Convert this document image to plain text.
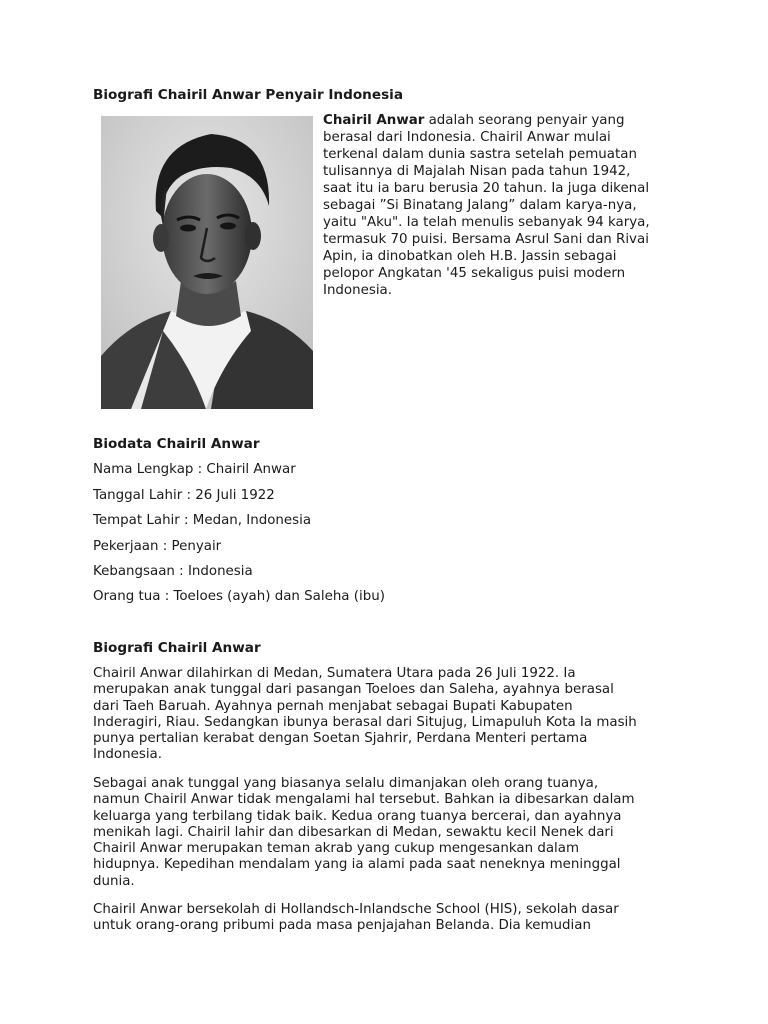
Biografi Chairil Anwar Penyair Indonesia

Chairil Anwar adalah seorang penyair yang
berasal dari Indonesia. Chairil Anwar mulai
terkenal dalam dunia sastra setelah pemuatan
tulisannya di Majalah Nisan pada tahun 1942,
saat itu ia baru berusia 20 tahun. Ia juga dikenal
sebagai ”Si Binatang Jalang” dalam karya-nya,
yaitu "Aku". Ia telah menulis sebanyak 94 karya,
termasuk 70 puisi. Bersama Asrul Sani dan Rivai
Apin, ia dinobatkan oleh H.B. Jassin sebagai
pelopor Angkatan '45 sekaligus puisi modern
Indonesia.

Biodata Chairil Anwar

Nama Lengkap : Chairil Anwar

Tanggal Lahir : 26 Juli 1922

Tempat Lahir : Medan, Indonesia

Pekerjaan : Penyair

Kebangsaan : Indonesia

Orang tua : Toeloes (ayah) dan Saleha (ibu)

Biografi Chairil Anwar

Chairil Anwar dilahirkan di Medan, Sumatera Utara pada 26 Juli 1922. Ia
merupakan anak tunggal dari pasangan Toeloes dan Saleha, ayahnya berasal
dari Taeh Baruah. Ayahnya pernah menjabat sebagai Bupati Kabupaten
Inderagiri, Riau. Sedangkan ibunya berasal dari Situjug, Limapuluh Kota Ia masih
punya pertalian kerabat dengan Soetan Sjahrir, Perdana Menteri pertama
Indonesia.

Sebagai anak tunggal yang biasanya selalu dimanjakan oleh orang tuanya,
namun Chairil Anwar tidak mengalami hal tersebut. Bahkan ia dibesarkan dalam
keluarga yang terbilang tidak baik. Kedua orang tuanya bercerai, dan ayahnya
menikah lagi. Chairil lahir dan dibesarkan di Medan, sewaktu kecil Nenek dari
Chairil Anwar merupakan teman akrab yang cukup mengesankan dalam
hidupnya. Kepedihan mendalam yang ia alami pada saat neneknya meninggal
dunia.

Chairil Anwar bersekolah di Hollandsch-Inlandsche School (HIS), sekolah dasar
untuk orang-orang pribumi pada masa penjajahan Belanda. Dia kemudian
